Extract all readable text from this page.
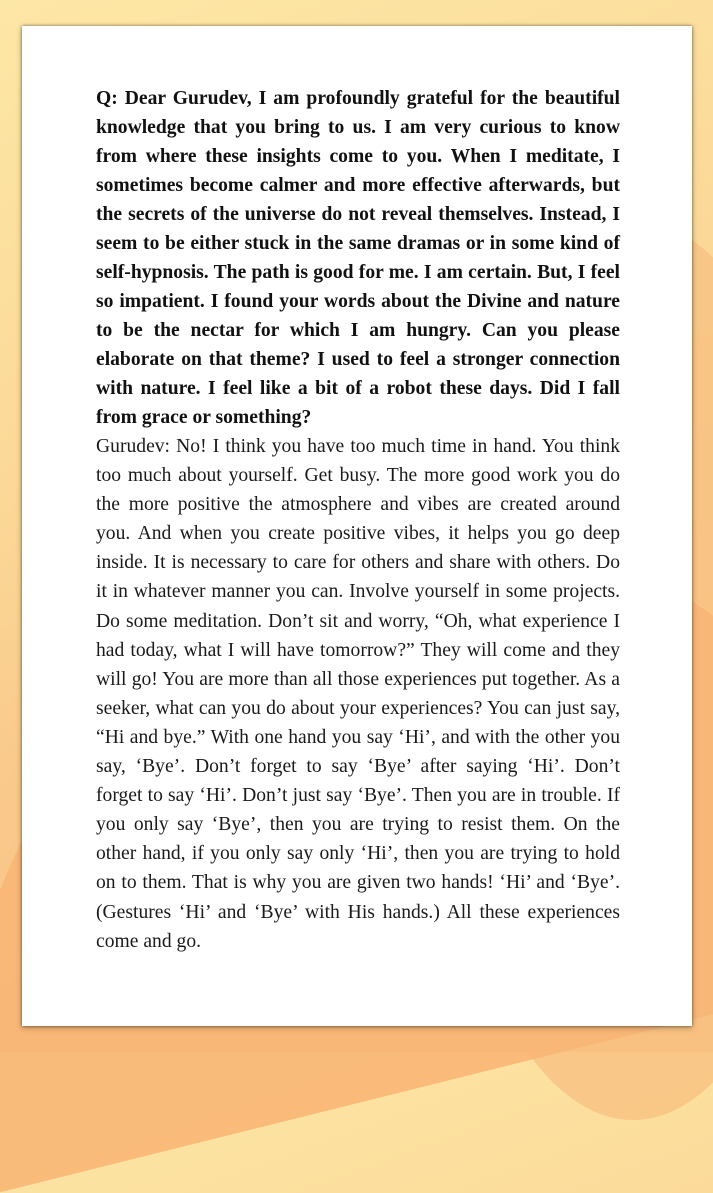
Q: Dear Gurudev, I am profoundly grateful for the beautiful knowledge that you bring to us. I am very curious to know from where these insights come to you. When I meditate, I sometimes become calmer and more effective afterwards, but the secrets of the universe do not reveal themselves. Instead, I seem to be either stuck in the same dramas or in some kind of self-hypnosis. The path is good for me. I am certain. But, I feel so impatient. I found your words about the Divine and nature to be the nectar for which I am hungry. Can you please elaborate on that theme? I used to feel a stronger connection with nature. I feel like a bit of a robot these days. Did I fall from grace or something?

Gurudev: No! I think you have too much time in hand. You think too much about yourself. Get busy. The more good work you do the more positive the atmosphere and vibes are created around you. And when you create positive vibes, it helps you go deep inside. It is necessary to care for others and share with others. Do it in whatever manner you can. Involve yourself in some projects. Do some meditation. Don’t sit and worry, “Oh, what experience I had today, what I will have tomorrow?” They will come and they will go! You are more than all those experiences put together. As a seeker, what can you do about your experiences? You can just say, “Hi and bye.” With one hand you say ‘Hi’, and with the other you say, ‘Bye’. Don’t forget to say ‘Bye’ after saying ‘Hi’. Don’t forget to say ‘Hi’. Don’t just say ‘Bye’. Then you are in trouble. If you only say ‘Bye’, then you are trying to resist them. On the other hand, if you only say only ‘Hi’, then you are trying to hold on to them. That is why you are given two hands! ‘Hi’ and ‘Bye’. (Gestures ‘Hi’ and ‘Bye’ with His hands.) All these experiences come and go.
